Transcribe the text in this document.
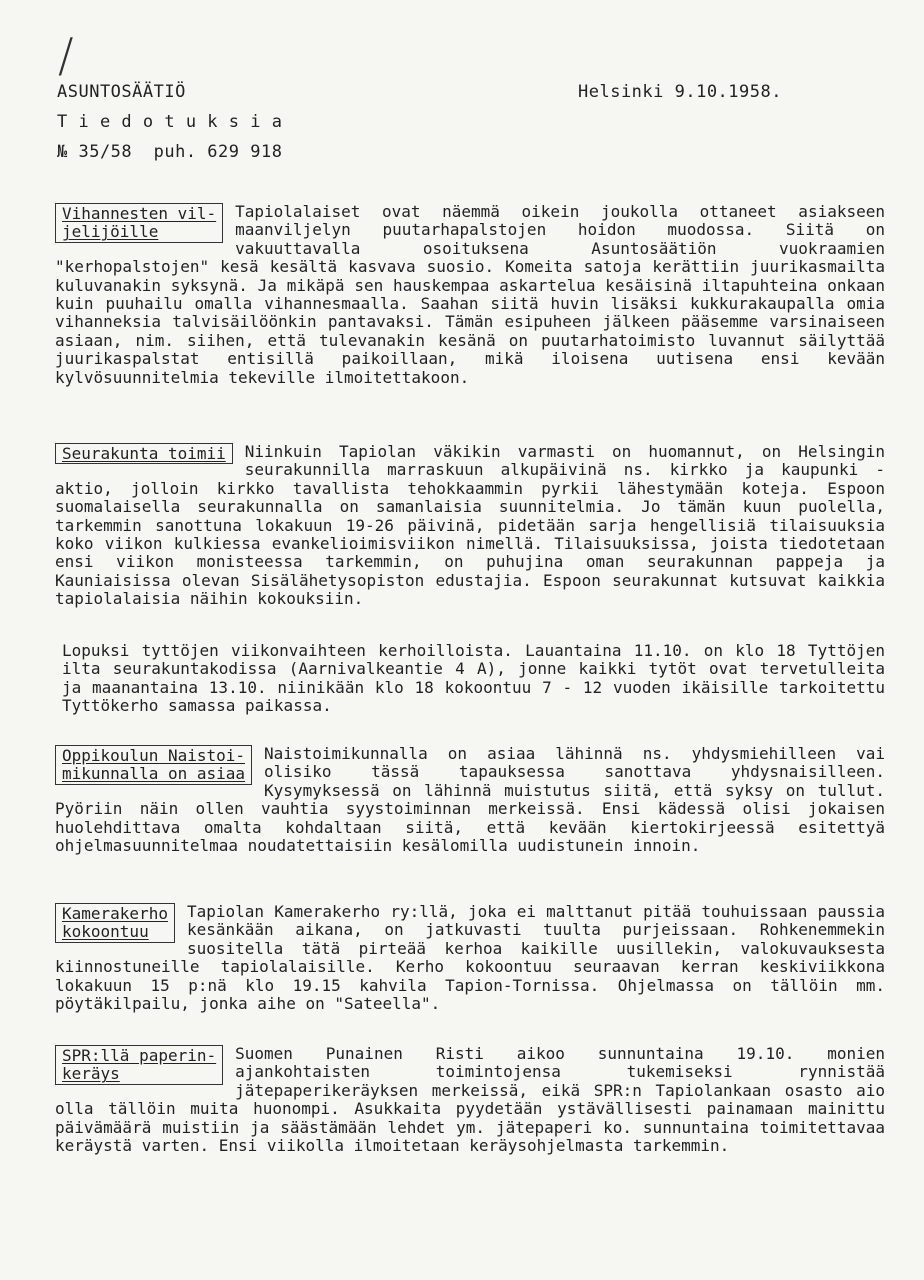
/
ASUNTOSÄÄTIÖ	Helsinki 9.10.1958.
T i e d o t u k s i a
№ 35/58  puh. 629 918
Vihannesten vil-
jelijöille
Tapiolalaiset ovat näemmä oikein joukolla ottaneet asiakseen maanviljelyn puutarhapalstojen hoidon muodossa. Siitä on vakuuttavalla osoituksena Asuntosäätiön vuokraamien "kerhopalstojen" kesä kesältä kasvava suosio. Komeita satoja kerättiin juurikasmailta kuluvanakin syksynä. Ja mikäpä sen hauskempaa askartelua kesäisinä iltapuhteina onkaan kuin puuhailu omalla vihannesmaalla. Saahan siitä huvin lisäksi kukkurakaupalla omia vihanneksia talvisäilöönkin pantavaksi. Tämän esipuheen jälkeen pääsemme varsinaiseen asiaan, nim. siihen, että tulevanakin kesänä on puutarhatoimisto luvannut säilyttää juurikaspalstat entisillä paikoillaan, mikä iloisena uutisena ensi kevään kylvösuunnitelmia tekeville ilmoitettakoon.
Seurakunta toimii	Niinkuin Tapiolan väkikin varmasti on huomannut, on Helsingin seurakunnilla marraskuun alkupäivinä ns. kirkko ja kaupunki - aktio, jolloin kirkko tavallista tehokkaammin pyrkii lähestymään koteja. Espoon suomalaisella seurakunnalla on samanlaisia suunnitelmia. Jo tämän kuun puolella, tarkemmin sanottuna lokakuun 19-26 päivinä, pidetään sarja hengellisiä tilaisuuksia koko viikon kulkiessa evankelioimisviikon nimellä. Tilaisuuksissa, joista tiedotetaan ensi viikon monisteessa tarkemmin, on puhujina oman seurakunnan pappeja ja Kauniaisissa olevan Sisälähetysopiston edustajia. Espoon seurakunnat kutsuvat kaikkia tapiolalaisia näihin kokouksiin.
Lopuksi tyttöjen viikonvaihteen kerhoilloista. Lauantaina 11.10. on klo 18 Tyttöjen ilta seurakuntakodissa (Aarnivalkeantie 4 A), jonne kaikki tytöt ovat tervetulleita ja maanantaina 13.10. niinikään klo 18 kokoontuu 7 - 12 vuoden ikäisille tarkoitettu Tyttökerho samassa paikassa.
Oppikoulun Naistoi-
mikunnalla on asiaa
Naistoimikunnalla on asiaa lähinnä ns. yhdysmiehilleen vai olisiko tässä tapauksessa sanottava yhdysnaisilleen. Kysymyksessä on lähinnä muistutus siitä, että syksy on tullut. Pyöriin näin ollen vauhtia syystoiminnan merkeissä. Ensi kädessä olisi jokaisen huolehdittava omalta kohdaltaan siitä, että kevään kiertokirjeessä esitettyä ohjelmasuunnitelmaa noudatettaisiin kesälomilla uudistunein innoin.
Kamerakerho
kokoontuu
Tapiolan Kamerakerho ry:llä, joka ei malttanut pitää touhuissaan paussia kesänkään aikana, on jatkuvasti tuulta purjeissaan. Rohkenemmekin suositella tätä pirteää kerhoa kaikille uusillekin, valokuvauksesta kiinnostuneille tapiolalaisille. Kerho kokoontuu seuraavan kerran keskiviikkona lokakuun 15 p:nä klo 19.15 kahvila Tapion-Tornissa. Ohjelmassa on tällöin mm. pöytäkilpailu, jonka aihe on "Sateella".
SPR:llä paperin-
keräys
Suomen Punainen Risti aikoo sunnuntaina 19.10. monien ajankohtaisten toimintojensa tukemiseksi rynnistää jätepaperikeräyksen merkeissä, eikä SPR:n Tapiolankaan osasto aio olla tällöin muita huonompi. Asukkaita pyydetään ystävällisesti painamaan mainittu päivämäärä muistiin ja säästämään lehdet ym. jätepaperi ko. sunnuntaina toimitettavaa keräystä varten. Ensi viikolla ilmoitetaan keräysohjelmasta tarkemmin.
